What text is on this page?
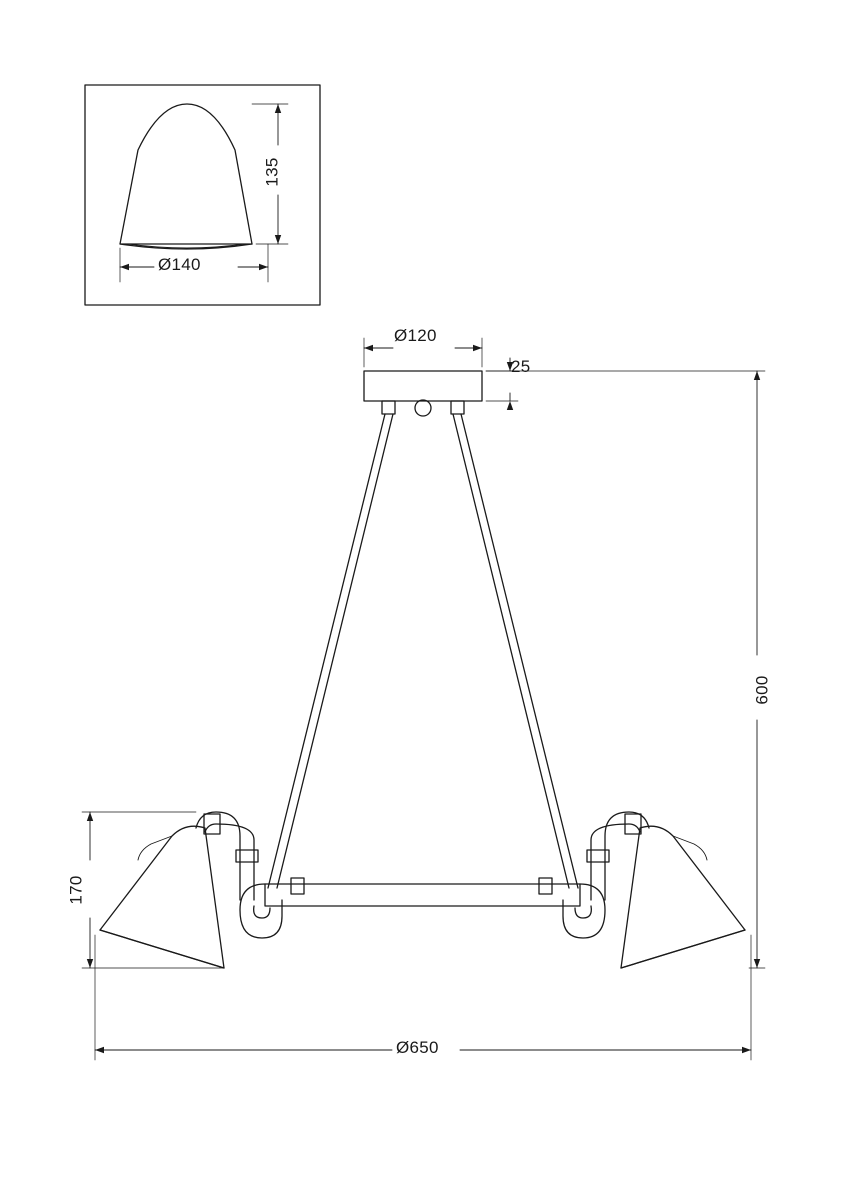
135
Ø140
Ø120
25
600
170
Ø650
